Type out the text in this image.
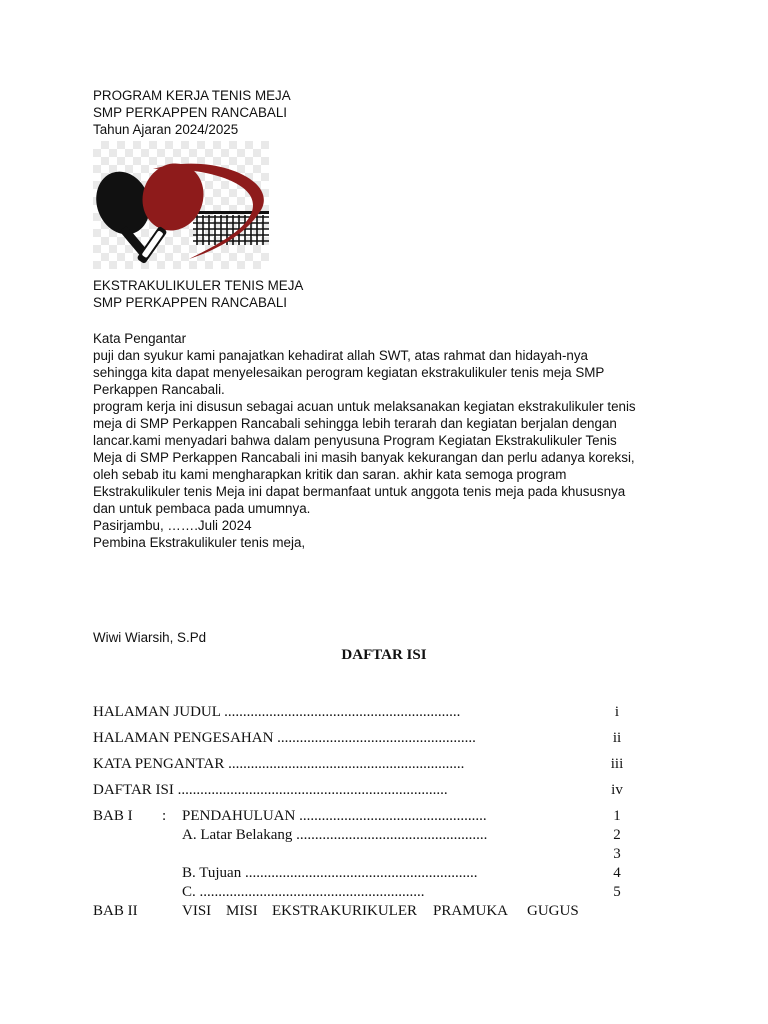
PROGRAM KERJA TENIS MEJA
SMP PERKAPPEN RANCABALI
Tahun Ajaran 2024/2025
EKSTRAKULIKULER TENIS MEJA
SMP PERKAPPEN RANCABALI
Kata Pengantar
puji dan syukur kami panajatkan kehadirat allah SWT, atas rahmat dan hidayah-nya
sehingga kita dapat menyelesaikan perogram kegiatan ekstrakulikuler tenis meja SMP
Perkappen Rancabali.
program kerja ini disusun sebagai acuan untuk melaksanakan kegiatan ekstrakulikuler tenis
meja di SMP Perkappen Rancabali sehingga lebih terarah dan kegiatan berjalan dengan
lancar.kami menyadari bahwa dalam penyusuna Program Kegiatan Ekstrakulikuler Tenis
Meja di SMP Perkappen Rancabali ini masih banyak kekurangan dan perlu adanya koreksi,
oleh sebab itu kami mengharapkan kritik dan saran. akhir kata semoga program
Ekstrakulikuler tenis Meja ini dapat bermanfaat untuk anggota tenis meja pada khususnya
dan untuk pembaca pada umumnya.
Pasirjambu, …….Juli 2024
Pembina Ekstrakulikuler tenis meja,
Wiwi Wiarsih, S.Pd
DAFTAR ISI
HALAMAN JUDUL ...............................................................	i
HALAMAN PENGESAHAN .....................................................	ii
KATA PENGANTAR ...............................................................	iii
DAFTAR ISI ........................................................................	iv
BAB I : PENDAHULUAN ..................................................	1
A. Latar Belakang ...................................................	2
3
B. Tujuan ..............................................................	4
C. ............................................................	5
BAB II	VISI MISI EKSTRAKURIKULER PRAMUKA GUGUS
